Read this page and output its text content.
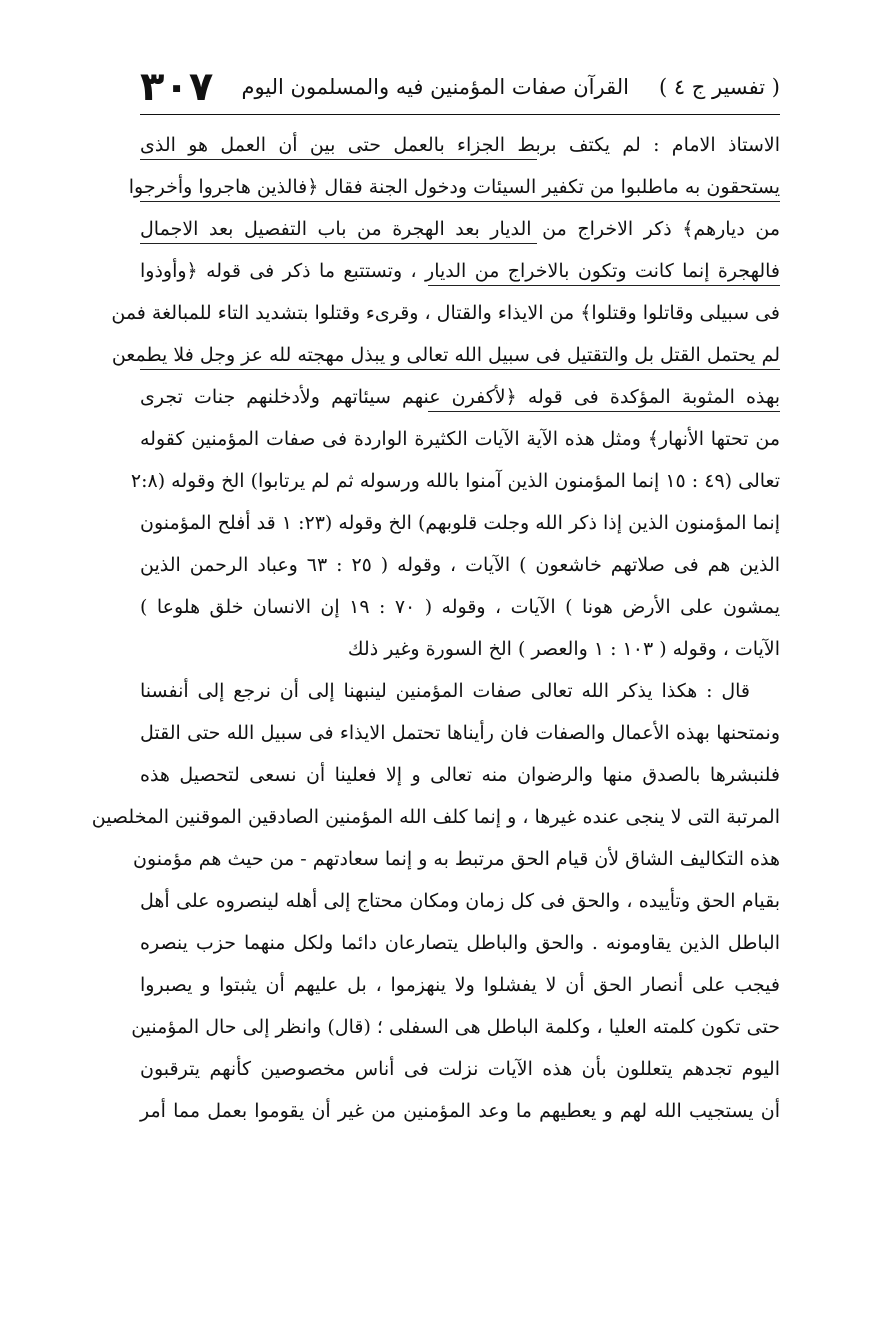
( تفسير ج ٤ )
القرآن صفات المؤمنين فيه والمسلمون اليوم
٣٠٧
الاستاذ الامام : لم يكتف بربط الجزاء بالعمل حتى بين أن العمل هو الذى
يستحقون به ماطلبوا من تكفير السيئات ودخول الجنة فقال ﴿فالذين هاجروا وأخرجوا
من ديارهم﴾ ذكر الاخراج من الديار بعد الهجرة من باب التفصيل بعد الاجمال
فالهجرة إنما كانت وتكون بالاخراج من الديار ، وتستتبع ما ذكر فى قوله ﴿وأوذوا
فى سبيلى وقاتلوا وقتلوا﴾ من الايذاء والقتال ، وقرىء وقتلوا بتشديد التاء للمبالغة فمن
لم يحتمل القتل بل والتقتيل فى سبيل الله تعالى و يبذل مهجته لله عز وجل فلا يطمعن
بهذه المثوبة المؤكدة فى قوله ﴿لأكفرن عنهم سيئاتهم ولأدخلنهم جنات تجرى
من تحتها الأنهار﴾ ومثل هذه الآية الآيات الكثيرة الواردة فى صفات المؤمنين كقوله
تعالى (٤٩ : ١٥ إنما المؤمنون الذين آمنوا بالله ورسوله ثم لم يرتابوا) الخ وقوله (٢:٨
إنما المؤمنون الذين إذا ذكر الله وجلت قلوبهم) الخ وقوله (٢٣: ١ قد أفلح المؤمنون
الذين هم فى صلاتهم خاشعون ) الآيات ، وقوله ( ٢٥ : ٦٣ وعباد الرحمن الذين
يمشون على الأرض هونا ) الآيات ، وقوله ( ٧٠ : ١٩ إن الانسان خلق هلوعا )
الآيات ، وقوله ( ١٠٣ : ١ والعصر ) الخ السورة وغير ذلك
قال : هكذا يذكر الله تعالى صفات المؤمنين لينبهنا إلى أن نرجع إلى أنفسنا
ونمتحنها بهذه الأعمال والصفات فان رأيناها تحتمل الايذاء فى سبيل الله حتى القتل
فلنبشرها بالصدق منها والرضوان منه تعالى و إلا فعلينا أن نسعى لتحصيل هذه
المرتبة التى لا ينجى عنده غيرها ، و إنما كلف الله المؤمنين الصادقين الموقنين المخلصين
هذه التكاليف الشاق لأن قيام الحق مرتبط به و إنما سعادتهم - من حيث هم مؤمنون
بقيام الحق وتأييده ، والحق فى كل زمان ومكان محتاج إلى أهله لينصروه على أهل
الباطل الذين يقاومونه . والحق والباطل يتصارعان دائما ولكل منهما حزب ينصره
فيجب على أنصار الحق أن لا يفشلوا ولا ينهزموا ، بل عليهم أن يثبتوا و يصبروا
حتى تكون كلمته العليا ، وكلمة الباطل هى السفلى ؛ (قال) وانظر إلى حال المؤمنين
اليوم تجدهم يتعللون بأن هذه الآيات نزلت فى أناس مخصوصين كأنهم يترقبون
أن يستجيب الله لهم و يعطيهم ما وعد المؤمنين من غير أن يقوموا بعمل مما أمر
